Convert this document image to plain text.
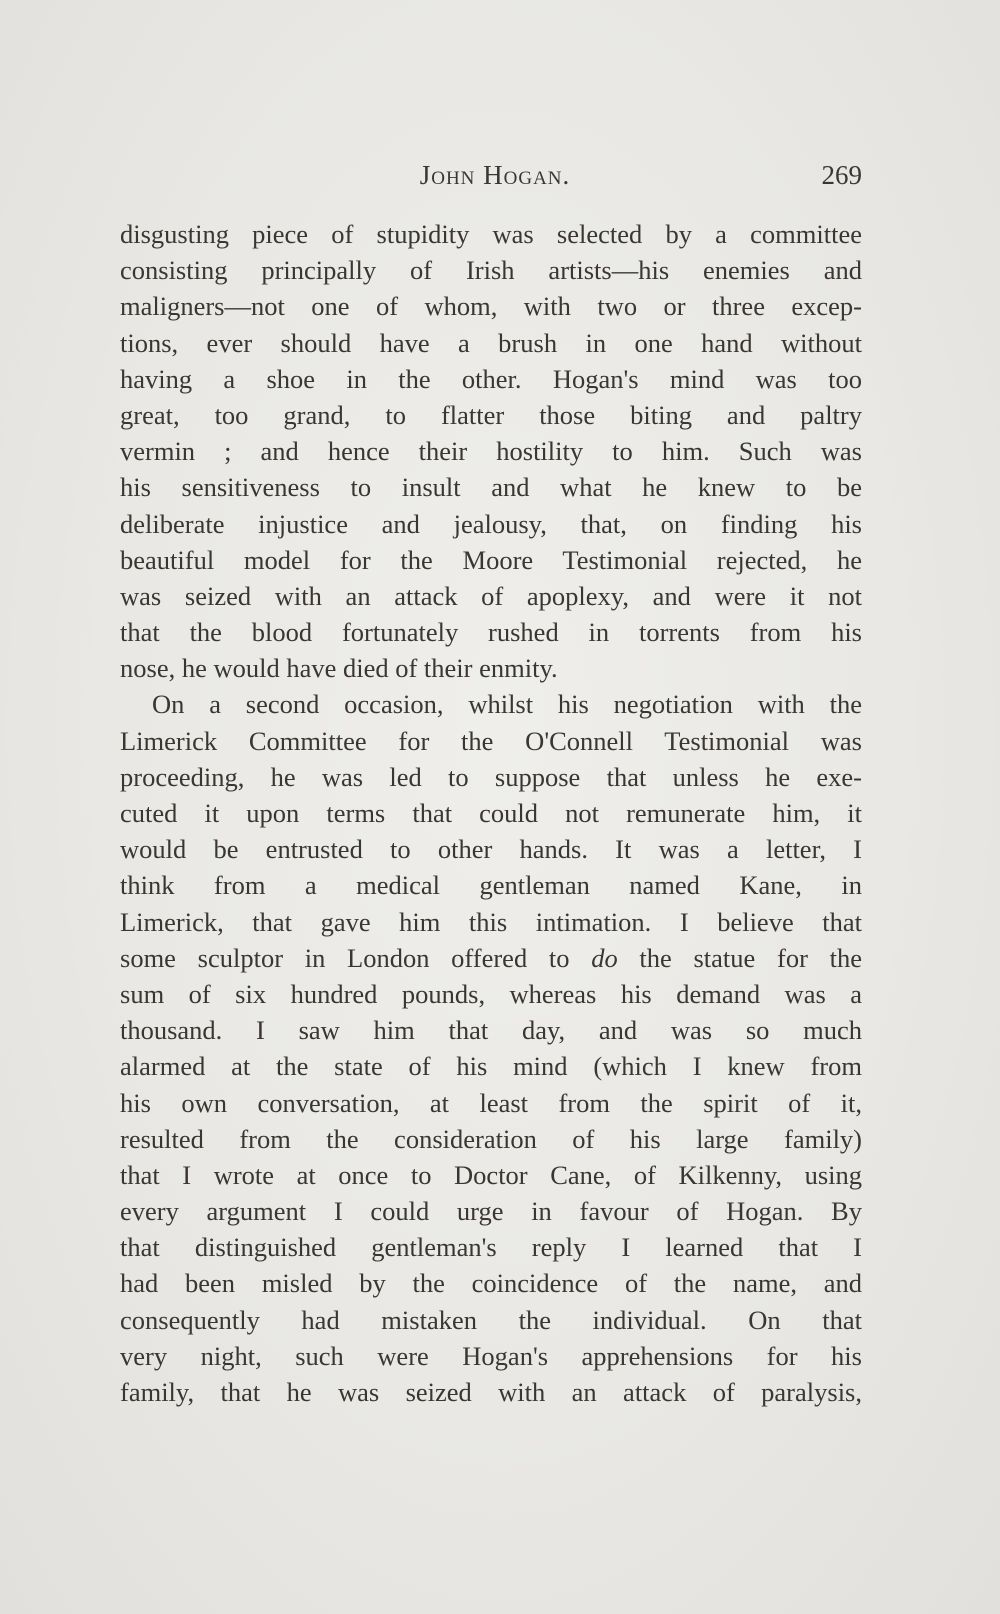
John Hogan.	269
disgusting piece of stupidity was selected by a committee
consisting principally of Irish artists—his enemies and
maligners—not one of whom, with two or three excep-
tions, ever should have a brush in one hand without
having a shoe in the other. Hogan's mind was too
great, too grand, to flatter those biting and paltry
vermin ; and hence their hostility to him. Such was
his sensitiveness to insult and what he knew to be
deliberate injustice and jealousy, that, on finding his
beautiful model for the Moore Testimonial rejected, he
was seized with an attack of apoplexy, and were it not
that the blood fortunately rushed in torrents from his
nose, he would have died of their enmity.
On a second occasion, whilst his negotiation with the
Limerick Committee for the O'Connell Testimonial was
proceeding, he was led to suppose that unless he exe-
cuted it upon terms that could not remunerate him, it
would be entrusted to other hands. It was a letter, I
think from a medical gentleman named Kane, in
Limerick, that gave him this intimation. I believe that
some sculptor in London offered to do the statue for the
sum of six hundred pounds, whereas his demand was a
thousand. I saw him that day, and was so much
alarmed at the state of his mind (which I knew from
his own conversation, at least from the spirit of it,
resulted from the consideration of his large family)
that I wrote at once to Doctor Cane, of Kilkenny, using
every argument I could urge in favour of Hogan. By
that distinguished gentleman's reply I learned that I
had been misled by the coincidence of the name, and
consequently had mistaken the individual. On that
very night, such were Hogan's apprehensions for his
family, that he was seized with an attack of paralysis,
